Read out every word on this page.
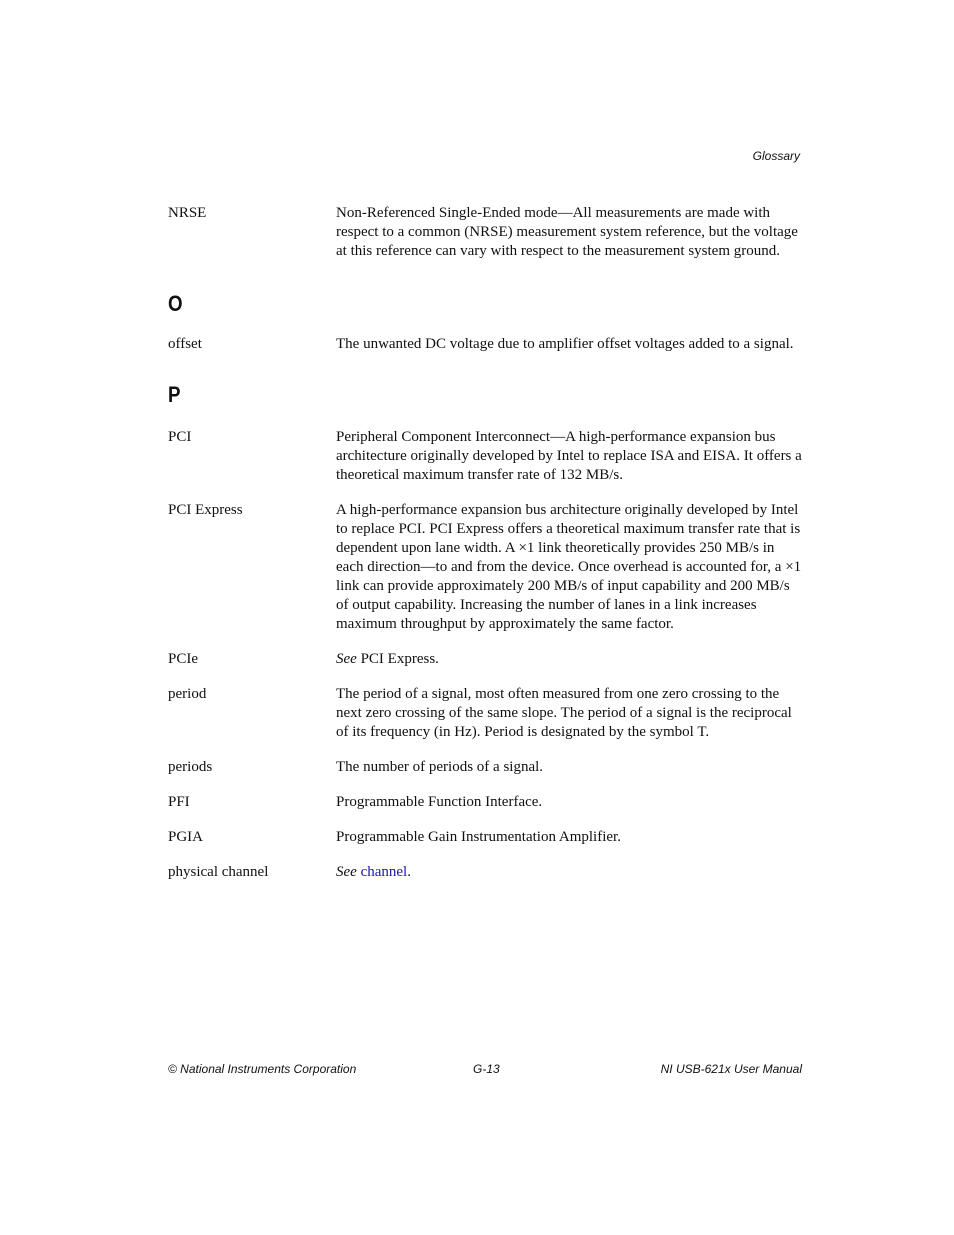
Glossary
NRSE	Non-Referenced Single-Ended mode—All measurements are made with respect to a common (NRSE) measurement system reference, but the voltage at this reference can vary with respect to the measurement system ground.
O
offset	The unwanted DC voltage due to amplifier offset voltages added to a signal.
P
PCI	Peripheral Component Interconnect—A high-performance expansion bus architecture originally developed by Intel to replace ISA and EISA. It offers a theoretical maximum transfer rate of 132 MB/s.
PCI Express	A high-performance expansion bus architecture originally developed by Intel to replace PCI. PCI Express offers a theoretical maximum transfer rate that is dependent upon lane width. A ×1 link theoretically provides 250 MB/s in each direction—to and from the device. Once overhead is accounted for, a ×1 link can provide approximately 200 MB/s of input capability and 200 MB/s of output capability. Increasing the number of lanes in a link increases maximum throughput by approximately the same factor.
PCIe	See PCI Express.
period	The period of a signal, most often measured from one zero crossing to the next zero crossing of the same slope. The period of a signal is the reciprocal of its frequency (in Hz). Period is designated by the symbol T.
periods	The number of periods of a signal.
PFI	Programmable Function Interface.
PGIA	Programmable Gain Instrumentation Amplifier.
physical channel	See channel.
© National Instruments Corporation	G-13	NI USB-621x User Manual
